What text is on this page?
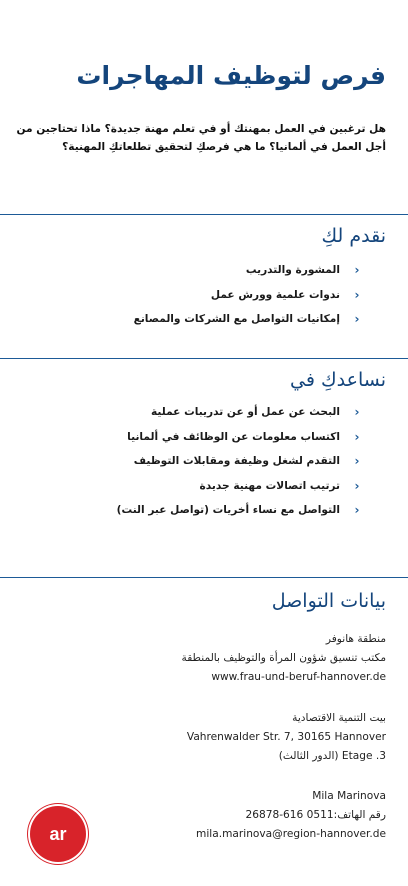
فرص لتوظيف المهاجرات
هل ترغبين في العمل بمهنتك أو في تعلم مهنة جديدة؟ ماذا تحتاجين من أجل العمل في ألمانيا؟ ما هي فرصكِ لتحقيق تطلعاتكِ المهنية؟
نقدم لكِ
‹
المشورة والتدريب
‹
ندوات علمية وورش عمل
‹
إمكانيات التواصل مع الشركات والمصانع
نساعدكِ في
‹
البحث عن عمل أو عن تدريبات عملية
‹
اكتساب معلومات عن الوظائف في ألمانيا
‹
التقدم لشغل وظيفة ومقابلات التوظيف
‹
ترتيب اتصالات مهنية جديدة
‹
التواصل مع نساء أخريات (تواصل عبر النت)
بيانات التواصل
منطقة هانوفر
مكتب تنسيق شؤون المرأة والتوظيف بالمنطقة
www.frau-und-beruf-hannover.de
بيت التنمية الاقتصادية
Vahrenwalder Str. 7, 30165 Hannover
3. Etage (الدور الثالث)
Mila Marinova
رقم الهاتف:0511 616-26878
mila.marinova@region-hannover.de
ar
